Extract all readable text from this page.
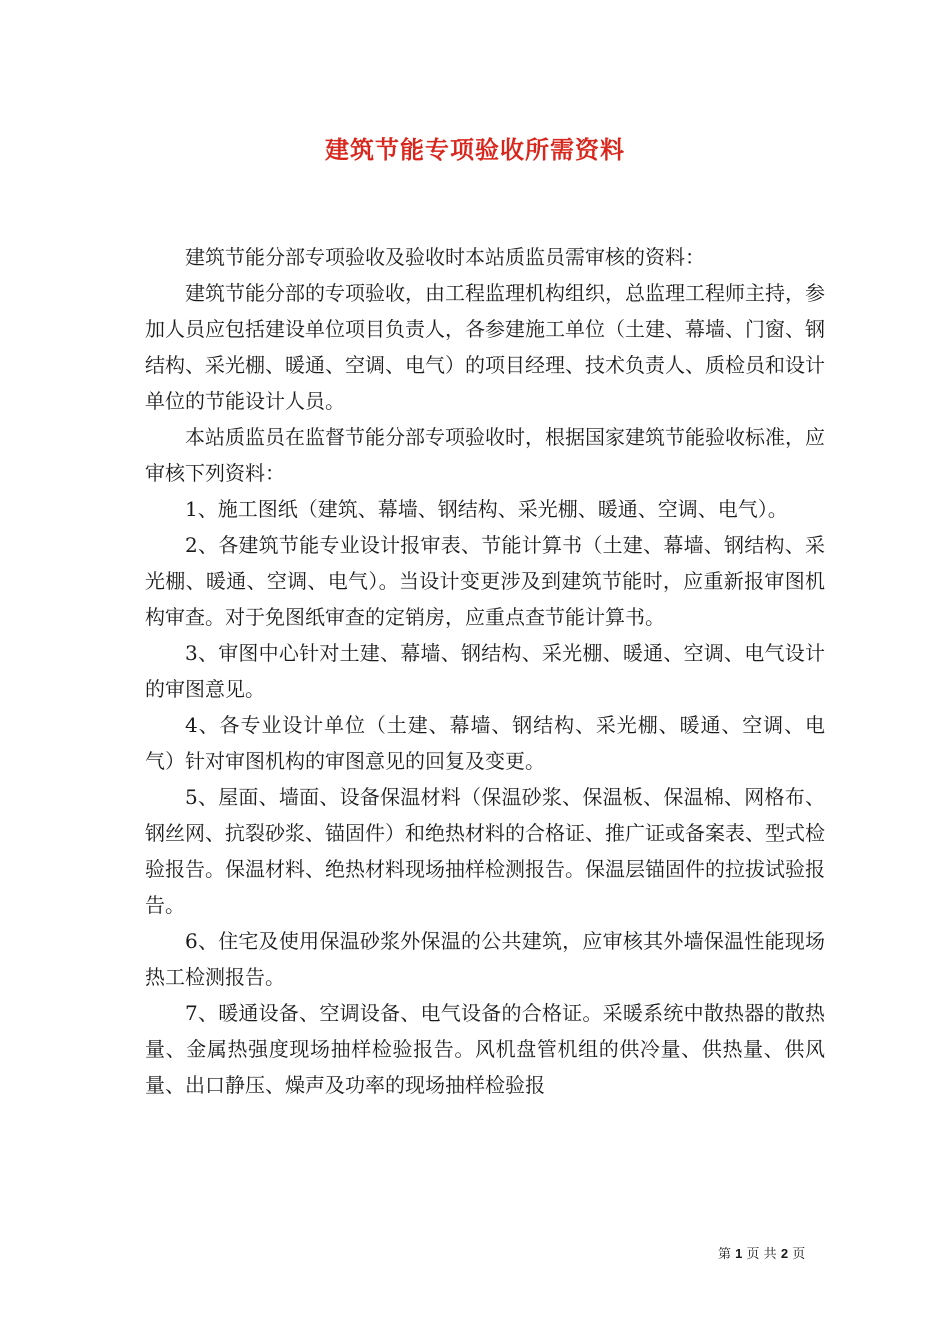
建筑节能专项验收所需资料

建筑节能分部专项验收及验收时本站质监员需审核的资料：

建筑节能分部的专项验收，由工程监理机构组织，总监理工程师主持，参加人员应包括建设单位项目负责人，各参建施工单位（土建、幕墙、门窗、钢结构、采光棚、暖通、空调、电气）的项目经理、技术负责人、质检员和设计单位的节能设计人员。

本站质监员在监督节能分部专项验收时，根据国家建筑节能验收标准，应审核下列资料：

1、施工图纸（建筑、幕墙、钢结构、采光棚、暖通、空调、电气）。

2、各建筑节能专业设计报审表、节能计算书（土建、幕墙、钢结构、采光棚、暖通、空调、电气）。当设计变更涉及到建筑节能时，应重新报审图机构审查。对于免图纸审查的定销房，应重点查节能计算书。

3、审图中心针对土建、幕墙、钢结构、采光棚、暖通、空调、电气设计的审图意见。

4、各专业设计单位（土建、幕墙、钢结构、采光棚、暖通、空调、电气）针对审图机构的审图意见的回复及变更。

5、屋面、墙面、设备保温材料（保温砂浆、保温板、保温棉、网格布、钢丝网、抗裂砂浆、锚固件）和绝热材料的合格证、推广证或备案表、型式检验报告。保温材料、绝热材料现场抽样检测报告。保温层锚固件的拉拔试验报告。

6、住宅及使用保温砂浆外保温的公共建筑，应审核其外墙保温性能现场热工检测报告。

7、暖通设备、空调设备、电气设备的合格证。采暖系统中散热器的散热量、金属热强度现场抽样检验报告。风机盘管机组的供冷量、供热量、供风量、出口静压、燥声及功率的现场抽样检验报

第 1 页 共 2 页
